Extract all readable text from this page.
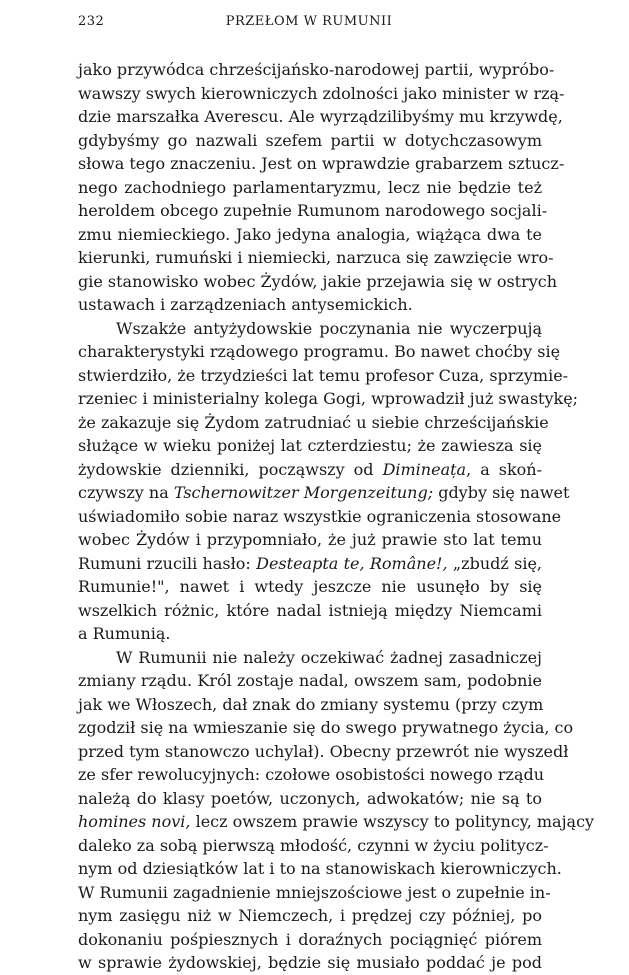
232	PRZEŁOM W RUMUNII

jako przywódca chrześcijańsko-narodowej partii, wypróbo-
wawszy swych kierowniczych zdolności jako minister w rzą-
dzie marszałka Averescu. Ale wyrządzilibyśmy mu krzywdę,
gdybyśmy go nazwali szefem partii w dotychczasowym
słowa tego znaczeniu. Jest on wprawdzie grabarzem sztucz-
nego zachodniego parlamentaryzmu, lecz nie będzie też
heroldem obcego zupełnie Rumunom narodowego socjali-
zmu niemieckiego. Jako jedyna analogia, wiążąca dwa te
kierunki, rumuński i niemiecki, narzuca się zawzięcie wro-
gie stanowisko wobec Żydów, jakie przejawia się w ostrych
ustawach i zarządzeniach antysemickich.

Wszakże antyżydowskie poczynania nie wyczerpują
charakterystyki rządowego programu. Bo nawet choćby się
stwierdziło, że trzydzieści lat temu profesor Cuza, sprzymie-
rzeniec i ministerialny kolega Gogi, wprowadził już swastykę;
że zakazuje się Żydom zatrudniać u siebie chrześcijańskie
służące w wieku poniżej lat czterdziestu; że zawiesza się
żydowskie dzienniki, począwszy od Dimineața, a skoń-
czywszy na Tschernowitzer Morgenzeitung; gdyby się nawet
uświadomiło sobie naraz wszystkie ograniczenia stosowane
wobec Żydów i przypomniało, że już prawie sto lat temu
Rumuni rzucili hasło: Desteapta te, Române!, „zbudź się,
Rumunie!", nawet i wtedy jeszcze nie usunęło by się
wszelkich różnic, które nadal istnieją między Niemcami
a Rumunią.

W Rumunii nie należy oczekiwać żadnej zasadniczej
zmiany rządu. Król zostaje nadal, owszem sam, podobnie
jak we Włoszech, dał znak do zmiany systemu (przy czym
zgodził się na wmieszanie się do swego prywatnego życia, co
przed tym stanowczo uchylał). Obecny przewrót nie wyszedł
ze sfer rewolucyjnych: czołowe osobistości nowego rządu
należą do klasy poetów, uczonych, adwokatów; nie są to
homines novi, lecz owszem prawie wszyscy to polityncy, mający
daleko za sobą pierwszą młodość, czynni w życiu politycz-
nym od dziesiątków lat i to na stanowiskach kierowniczych.
W Rumunii zagadnienie mniejszościowe jest o zupełnie in-
nym zasięgu niż w Niemczech, i prędzej czy później, po
dokonaniu pośpiesznych i doraźnych pociągnięć piórem
w sprawie żydowskiej, będzie się musiało poddać je pod
